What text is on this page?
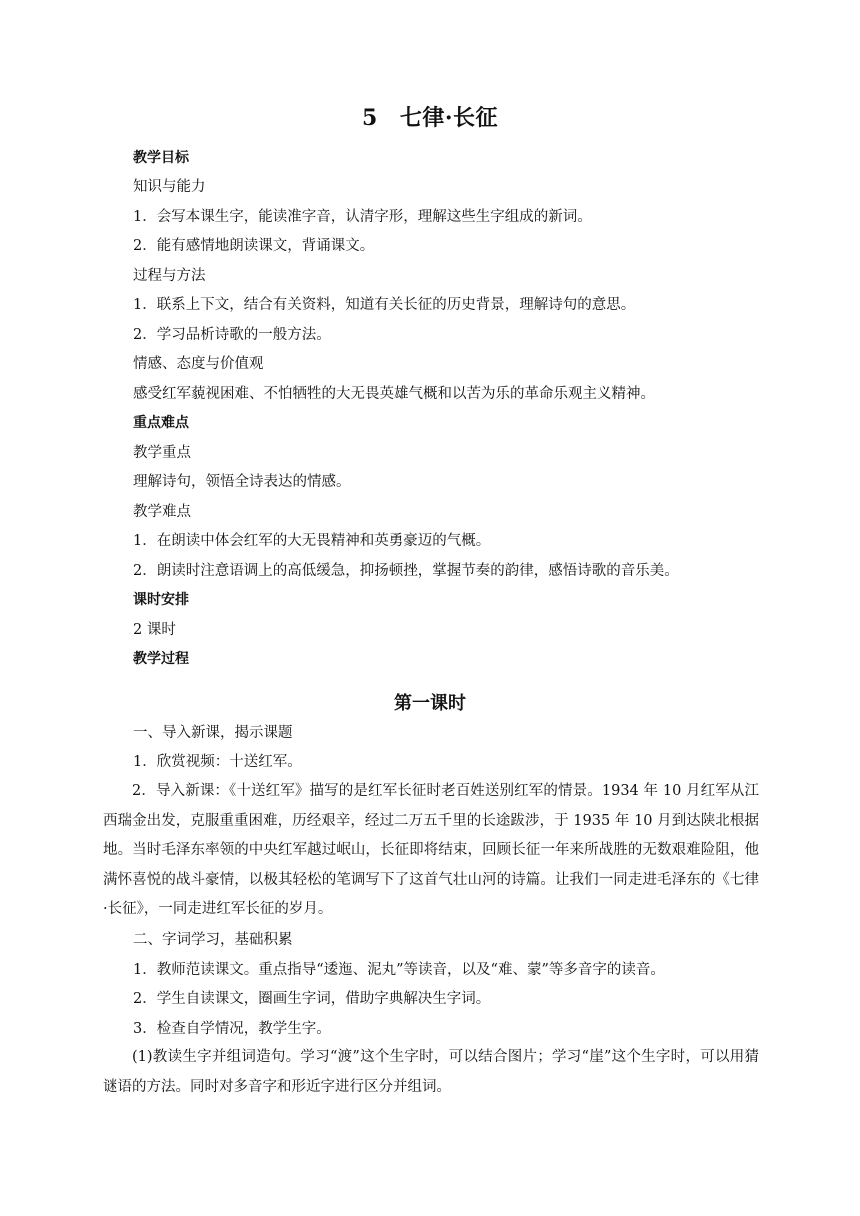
5 七律·长征
教学目标
知识与能力
1．会写本课生字，能读准字音，认清字形，理解这些生字组成的新词。
2．能有感情地朗读课文，背诵课文。
过程与方法
1．联系上下文，结合有关资料，知道有关长征的历史背景，理解诗句的意思。
2．学习品析诗歌的一般方法。
情感、态度与价值观
感受红军藐视困难、不怕牺牲的大无畏英雄气概和以苦为乐的革命乐观主义精神。
重点难点
教学重点
理解诗句，领悟全诗表达的情感。
教学难点
1．在朗读中体会红军的大无畏精神和英勇豪迈的气概。
2．朗读时注意语调上的高低缓急，抑扬顿挫，掌握节奏的韵律，感悟诗歌的音乐美。
课时安排
2 课时
教学过程
第一课时
一、导入新课，揭示课题
1．欣赏视频：十送红军。
2．导入新课：《十送红军》描写的是红军长征时老百姓送别红军的情景。1934 年 10 月红军从江西瑞金出发，克服重重困难，历经艰辛，经过二万五千里的长途跋涉，于 1935 年 10 月到达陕北根据地。当时毛泽东率领的中央红军越过岷山，长征即将结束，回顾长征一年来所战胜的无数艰难险阻，他满怀喜悦的战斗豪情，以极其轻松的笔调写下了这首气壮山河的诗篇。让我们一同走进毛泽东的《七律·长征》，一同走进红军长征的岁月。
二、字词学习，基础积累
1．教师范读课文。重点指导“逶迤、泥丸”等读音，以及“难、蒙”等多音字的读音。
2．学生自读课文，圈画生字词，借助字典解决生字词。
3．检查自学情况，教学生字。
(1)教读生字并组词造句。学习“渡”这个生字时，可以结合图片；学习“崖”这个生字时，可以用猜谜语的方法。同时对多音字和形近字进行区分并组词。
